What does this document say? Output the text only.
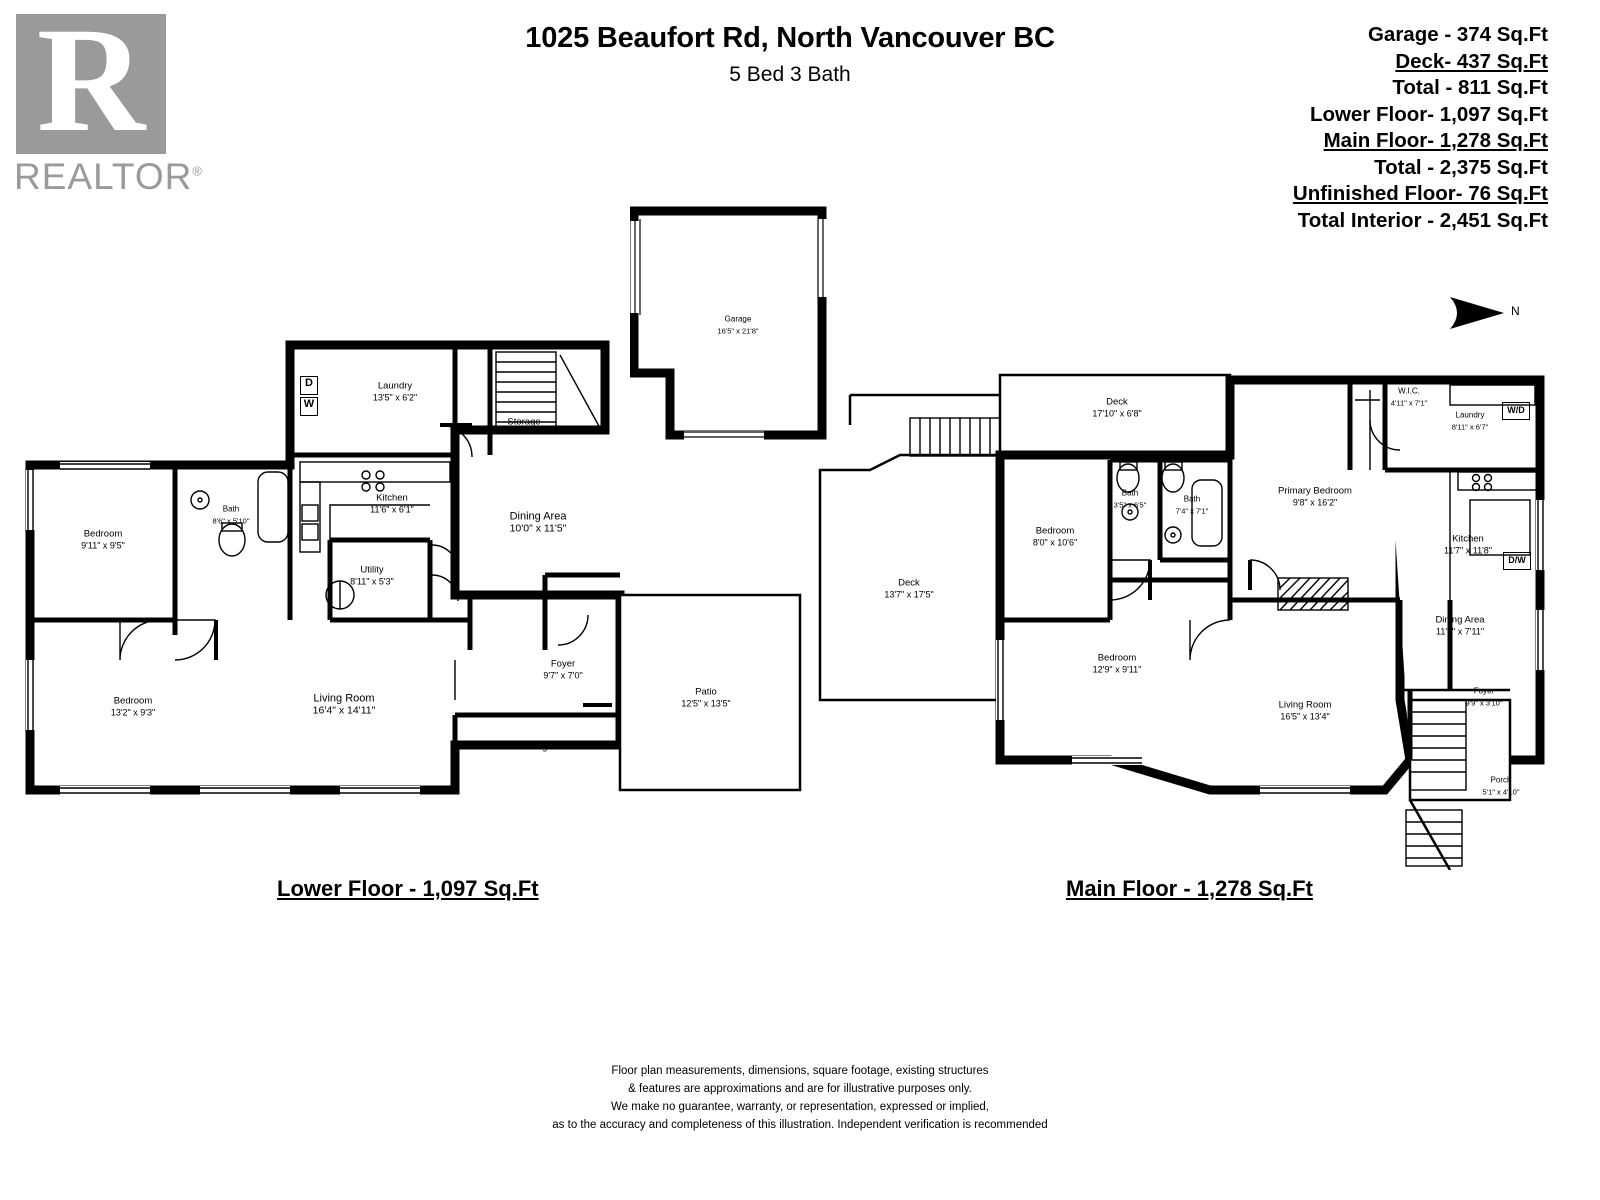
R
REALTOR®
1025 Beaufort Rd, North Vancouver BC
5 Bed 3 Bath
Garage - 374 Sq.Ft
Deck- 437 Sq.Ft
Total - 811 Sq.Ft
Lower Floor- 1,097 Sq.Ft
Main Floor- 1,278 Sq.Ft
Total - 2,375 Sq.Ft
Unfinished Floor- 76 Sq.Ft
Total Interior - 2,451 Sq.Ft
N
Garage
16'5" x 21'8"
Laundry
13'5" x 6'2"
Storage
Bath
8'6" x 5'10"
Kitchen
11'6" x 6'1"
Dining Area
10'0" x 11'5"
Bedroom
9'11" x 9'5"
Utility
8'11" x 5'3"
Foyer
9'7" x 7'0"
Bedroom
13'2" x 9'3"
Living Room
16'4" x 14'11"
Patio
12'5" x 13'5"
Storage
D
W	Deck
17'10" x 6'8"
W.I.C.
4'11" x 7'1"
Laundry
8'11" x 6'7"
Bath
3'5" x 6'5"
Bath
7'4" x 7'1"
Primary Bedroom
9'8" x 16'2"
Bedroom
8'0" x 10'6"	Kitchen
11'7" x 11'8"
Deck
13'7" x 17'5"
Dining Area
11'1" x 7'11"
Bedroom
12'9" x 9'11"
Living Room
16'5" x 13'4"
Foyer
9'9" x 3'10"
Porch
5'1" x 4'10"
W/D
D/W
Lower Floor - 1,097 Sq.Ft	Main Floor - 1,278 Sq.Ft
Floor plan measurements, dimensions, square footage, existing structures
& features are approximations and are for illustrative purposes only.
We make no guarantee, warranty, or representation, expressed or implied,
as to the accuracy and completeness of this illustration. Independent verification is recommended
